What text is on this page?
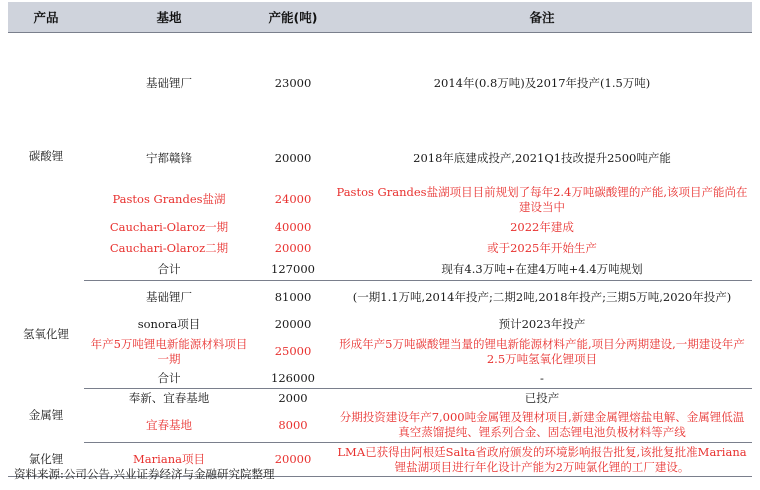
产品	基地	产能(吨)	备注
碳酸锂	基础锂厂	23000	2014年(0.8万吨)及2017年投产(1.5万吨)
	宁都赣锋	20000	2018年底建成投产,2021Q1技改提升2500吨产能
	Pastos Grandes盐湖	24000	Pastos Grandes盐湖项目目前规划了每年2.4万吨碳酸锂的产能,该项目产能尚在建设当中
	Cauchari-Olaroz一期	40000	2022年建成
	Cauchari-Olaroz二期	20000	或于2025年开始生产
	合计	127000	现有4.3万吨+在建4万吨+4.4万吨规划
氢氧化锂	基础锂厂	81000	(一期1.1万吨,2014年投产;二期2吨,2018年投产;三期5万吨,2020年投产)
	sonora项目	20000	预计2023年投产
	年产5万吨锂电新能源材料项目一期	25000	形成年产5万吨碳酸锂当量的锂电新能源材料产能,项目分两期建设,一期建设年产2.5万吨氢氧化锂项目
	合计	126000	-
金属锂	奉新、宜春基地	2000	已投产
	宜春基地	8000	分期投资建设年产7,000吨金属锂及锂材项目,新建金属锂熔盐电解、金属锂低温真空蒸馏提纯、锂系列合金、固态锂电池负极材料等产线
氯化锂	Mariana项目	20000	LMA已获得由阿根廷Salta省政府颁发的环境影响报告批复,该批复批准Mariana锂盐湖项目进行年化设计产能为2万吨氯化锂的工厂建设。
资料来源:公司公告,兴业证券经济与金融研究院整理
